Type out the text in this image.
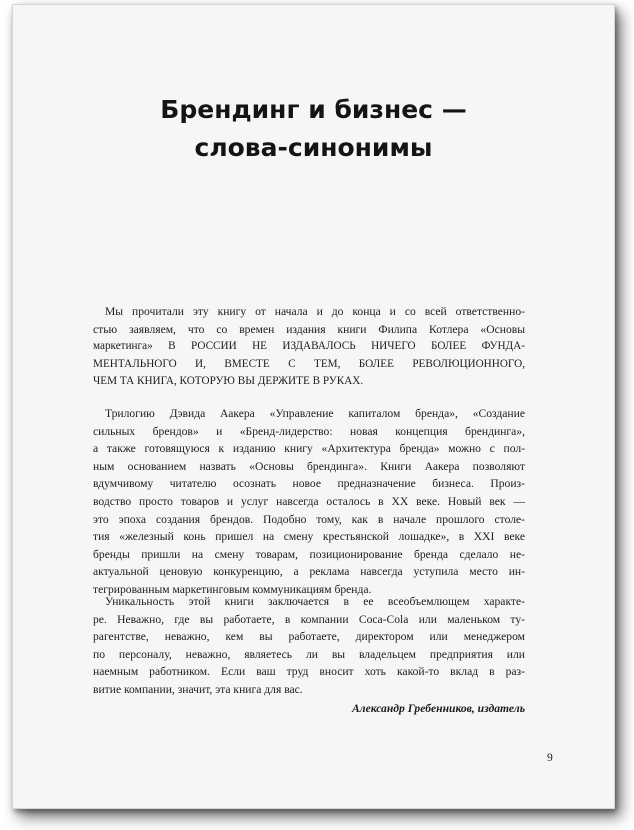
Брендинг и бизнес —
слова-синонимы
Мы прочитали эту книгу от начала и до конца и со всей ответственно-
стью заявляем, что со времен издания книги Филипа Котлера «Основы
маркетинга» В РОССИИ НЕ ИЗДАВАЛОСЬ НИЧЕГО БОЛЕЕ ФУНДА-
МЕНТАЛЬНОГО И, ВМЕСТЕ С ТЕМ, БОЛЕЕ РЕВОЛЮЦИОННОГО,
ЧЕМ ТА КНИГА, КОТОРУЮ ВЫ ДЕРЖИТЕ В РУКАХ.
Трилогию Дэвида Аакера «Управление капиталом бренда», «Создание
сильных брендов» и «Бренд-лидерство: новая концепция брендинга»,
а также готовящуюся к изданию книгу «Архитектура бренда» можно с пол-
ным основанием назвать «Основы брендинга». Книги Аакера позволяют
вдумчивому читателю осознать новое предназначение бизнеса. Произ-
водство просто товаров и услуг навсегда осталось в XX веке. Новый век —
это эпоха создания брендов. Подобно тому, как в начале прошлого столе-
тия «железный конь пришел на смену крестьянской лошадке», в XXI веке
бренды пришли на смену товарам, позиционирование бренда сделало не-
актуальной ценовую конкуренцию, а реклама навсегда уступила место ин-
тегрированным маркетинговым коммуникациям бренда.
Уникальность этой книги заключается в ее всеобъемлющем характе-
ре. Неважно, где вы работаете, в компании Coca-Cola или маленьком ту-
рагентстве, неважно, кем вы работаете, директором или менеджером
по персоналу, неважно, являетесь ли вы владельцем предприятия или
наемным работником. Если ваш труд вносит хоть какой-то вклад в раз-
витие компании, значит, эта книга для вас.
Александр Гребенников, издатель
9
